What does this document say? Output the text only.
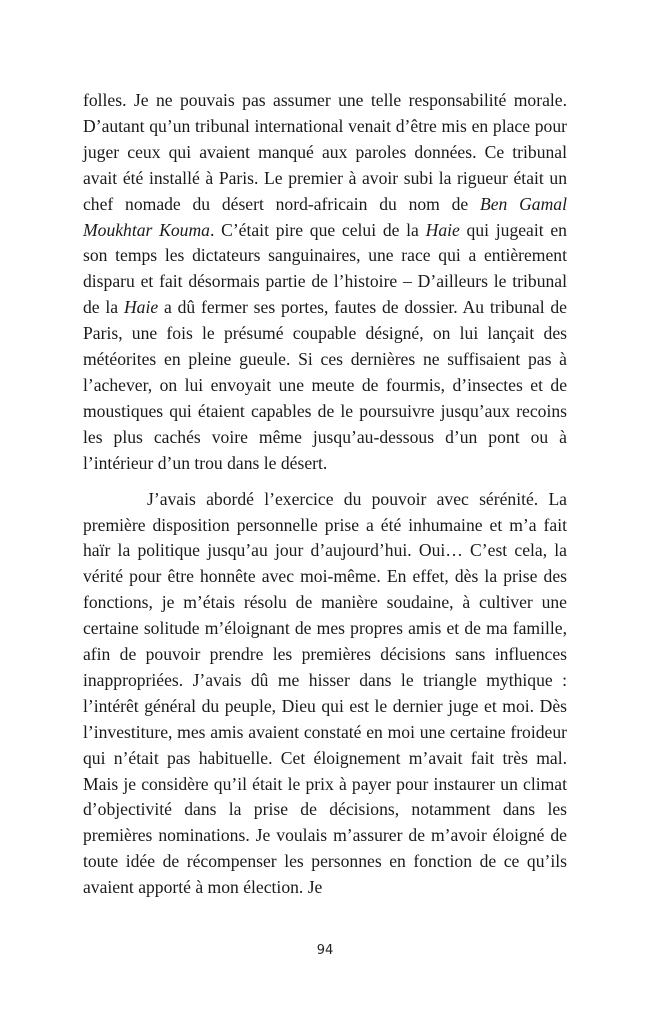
folles. Je ne pouvais pas assumer une telle responsabilité morale. D’autant qu’un tribunal international venait d’être mis en place pour juger ceux qui avaient manqué aux paroles données. Ce tribunal avait été installé à Paris. Le premier à avoir subi la rigueur était un chef nomade du désert nord-africain du nom de Ben Gamal Moukhtar Kouma. C’était pire que celui de la Haie qui jugeait en son temps les dictateurs sanguinaires, une race qui a entièrement disparu et fait désormais partie de l’histoire – D’ailleurs le tribunal de la Haie a dû fermer ses portes, fautes de dossier. Au tribunal de Paris, une fois le présumé coupable désigné, on lui lançait des météorites en pleine gueule. Si ces dernières ne suffisaient pas à l’achever, on lui envoyait une meute de fourmis, d’insectes et de moustiques qui étaient capables de le poursuivre jusqu’aux recoins les plus cachés voire même jusqu’au-dessous d’un pont ou à l’intérieur d’un trou dans le désert.

J’avais abordé l’exercice du pouvoir avec sérénité. La première disposition personnelle prise a été inhumaine et m’a fait haïr la politique jusqu’au jour d’aujourd’hui. Oui… C’est cela, la vérité pour être honnête avec moi-même. En effet, dès la prise des fonctions, je m’étais résolu de manière soudaine, à cultiver une certaine solitude m’éloignant de mes propres amis et de ma famille, afin de pouvoir prendre les premières décisions sans influences inappropriées. J’avais dû me hisser dans le triangle mythique : l’intérêt général du peuple, Dieu qui est le dernier juge et moi. Dès l’investiture, mes amis avaient constaté en moi une certaine froideur qui n’était pas habituelle. Cet éloignement m’avait fait très mal. Mais je considère qu’il était le prix à payer pour instaurer un climat d’objectivité dans la prise de décisions, notamment dans les premières nominations. Je voulais m’assurer de m’avoir éloigné de toute idée de récompenser les personnes en fonction de ce qu’ils avaient apporté à mon élection. Je

94
